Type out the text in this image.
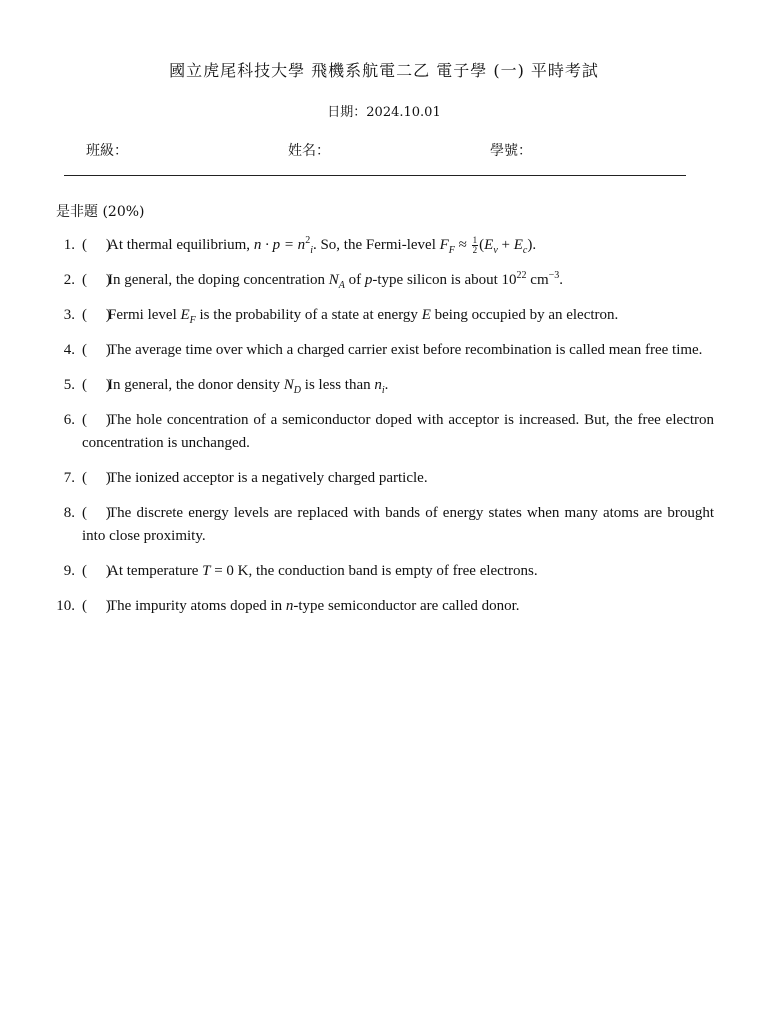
國立虎尾科技大學 飛機系航電二乙 電子學 (一) 平時考試
日期：2024.10.01
班級：	姓名：	學號：
是非題 (20%)
1. (     )At thermal equilibrium, $n \cdot p = n^2_i$. So, the Fermi-level $F_F \approx \frac{1}{2} (E_v + E_c)$.
2. (     )In general, the doping concentration $N_A$ of p-type silicon is about $10^{22}$ $cm^{-3}$.
3. (     )Fermi level $E_F$ is the probability of a state at energy E being occupied by an electron.
4. (     )The average time over which a charged carrier exist before recombination is called mean free time.
5. (     )In general, the donor density $N_D$ is less than $n_i$.
6. (     )The hole concentration of a semiconductor doped with acceptor is increased. But, the free electron concentration is unchanged.
7. (     )The ionized acceptor is a negatively charged particle.
8. (     )The discrete energy levels are replaced with bands of energy states when many atoms are brought into close proximity.
9. (     )At temperature T = 0 K, the conduction band is empty of free electrons.
10. (     )The impurity atoms doped in n-type semiconductor are called donor.
